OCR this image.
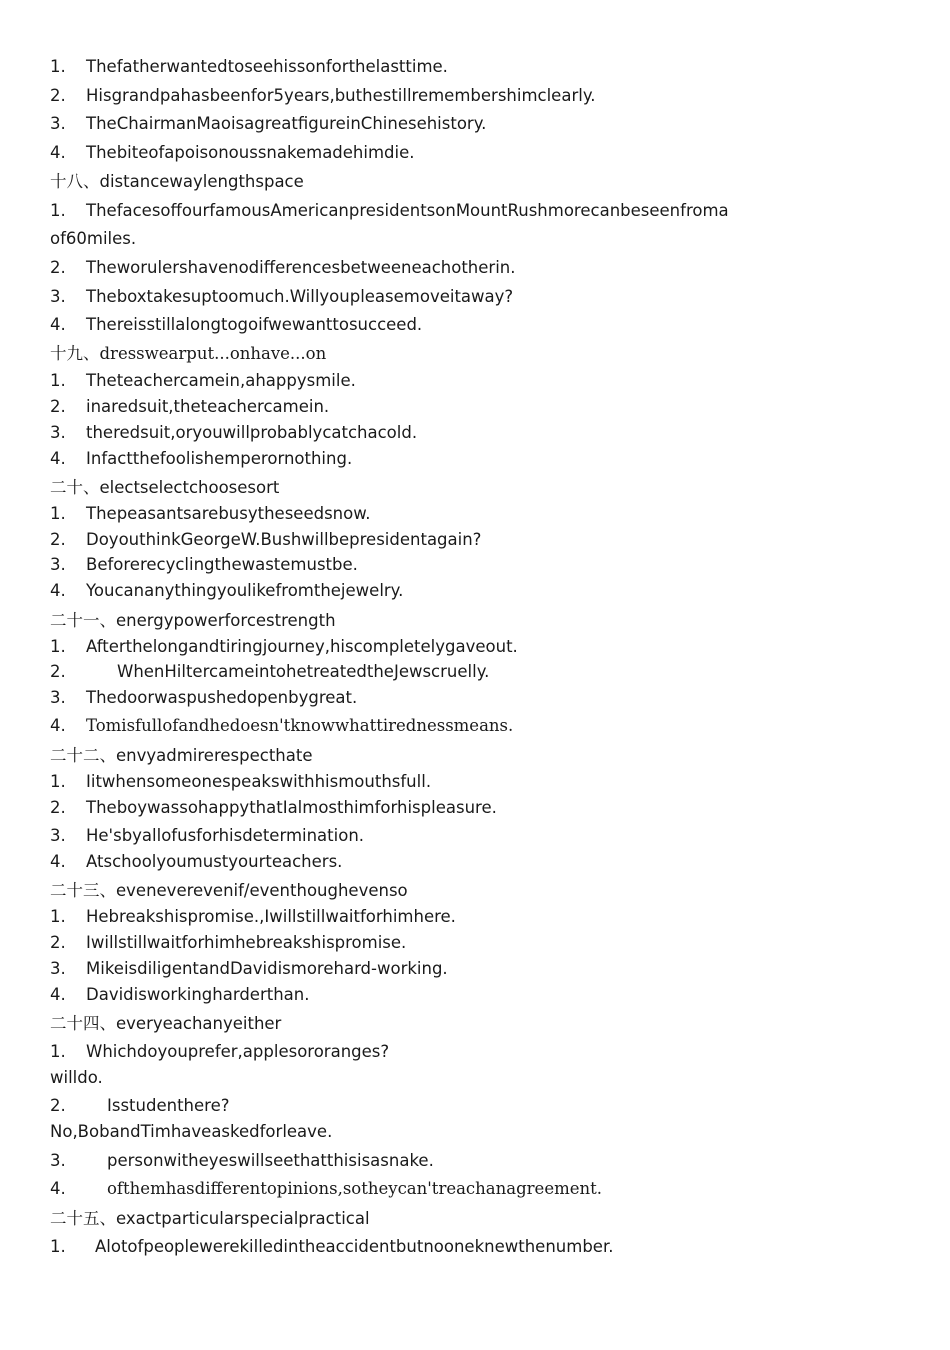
1. Thefatherwantedtoseehissonforthelasttime.
2. Hisgrandpahasbeenfor5years,buthestillremembershimclearly.
3. TheChairmanMaoisagreatfigureinChinesehistory.
4. Thebiteofapoisonoussnakemadehimdie.
十八、distancewaylengthspace
1. ThefacesoffourfamousAmericanpresidentsonMountRushmorecanbeseenfroma
of60miles.
2. Theworulershavenodifferencesbetweeneachotherin.
3. Theboxtakesuptoomuch.Willyoupleasemoveitaway?
4. Thereisstillalongtogoifwewanttosucceed.
十九、dresswearput...onhave...on
1. Theteachercamein,ahappysmile.
2. inaredsuit,theteachercamein.
3. theredsuit,oryouwillprobablycatchacold.
4. Infactthefoolishemperornothing.
二十、electselectchoosesort
1. Thepeasantsarebusytheseedsnow.
2. DoyouthinkGeorgeW.Bushwillbepresidentagain?
3. Beforerecyclingthewastemustbe.
4. Youcananythingyoulikefromthejewelry.
二十一、energypowerforcestrength
1. Afterthelongandtiringjourney,hiscompletelygaveout.
2.	WhenHiltercameintohetreatedtheJewscruelly.
3. Thedoorwaspushedopenbygreat.
4. Tomisfullofandhedoesn'tknowwhattirednessmeans.
二十二、envyadmirerespecthate
1. Iitwhensomeonespeakswithhismouthsfull.
2. TheboywassohappythatIalmosthimforhispleasure.
3. He'sbyallofusforhisdetermination.
4. Atschoolyoumustyourteachers.
二十三、eveneverevenif/eventhoughevenso
1. Hebreakshispromise.,Iwillstillwaitforhimhere.
2. Iwillstillwaitforhimhebreakshispromise.
3. MikeisdiligentandDavidismorehard-working.
4. Davidisworkingharderthan.
二十四、everyeachanyeither
1. Whichdoyouprefer,applesororanges?
willdo.
2.	Isstudenthere?
No,BobandTimhaveaskedforleave.
3.	personwitheyeswillseethatthisisasnake.
4.	ofthemhasdifferentopinions,sotheycan'treachanagreement.
二十五、exactparticularspecialpractical
1. Alotofpeoplewerekilledintheaccidentbutnooneknewthenumber.
